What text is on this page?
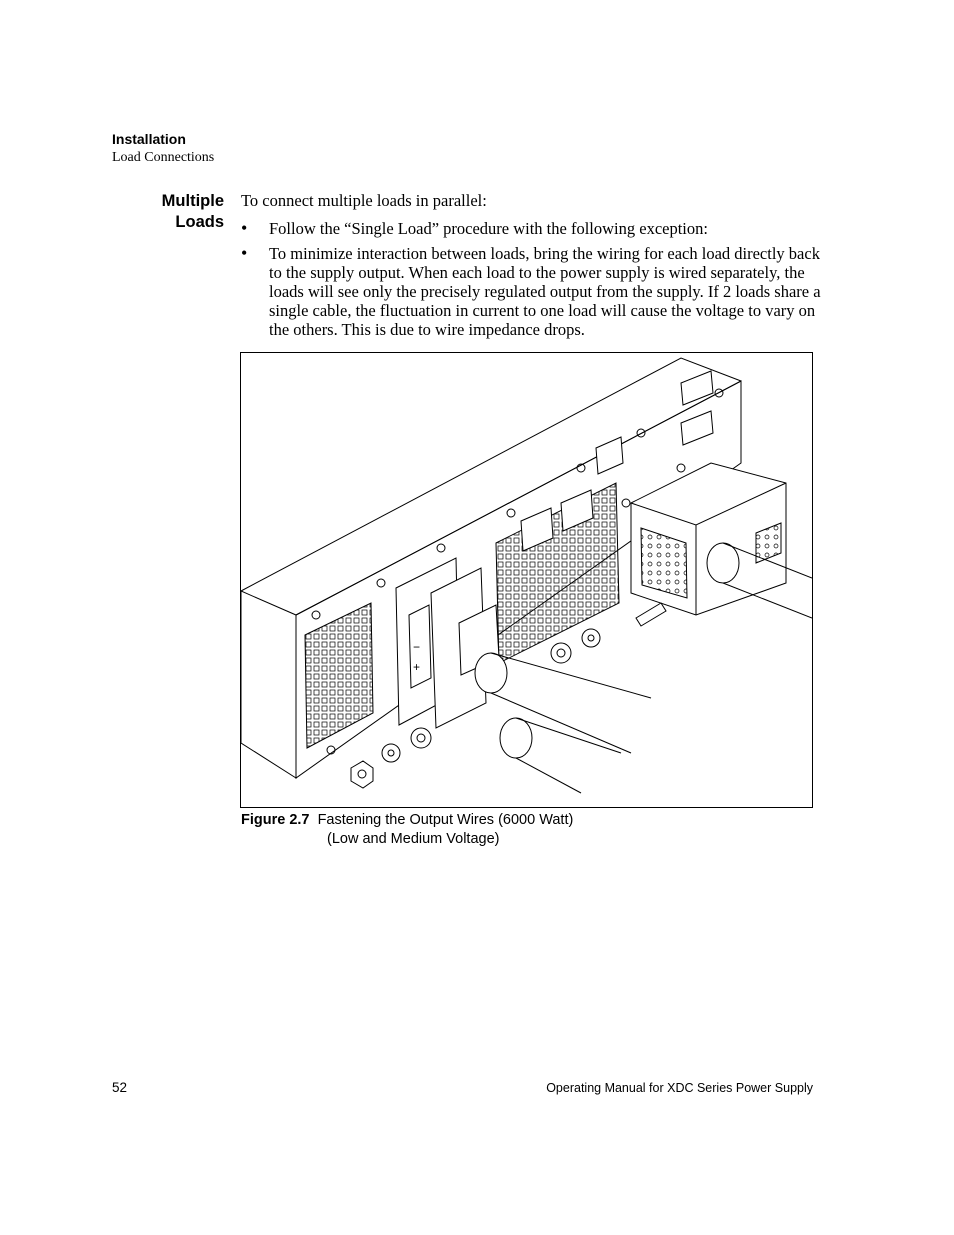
Installation
Load Connections
Multiple
Loads
To connect multiple loads in parallel:
• Follow the “Single Load” procedure with the following exception:
• To minimize interaction between loads, bring the wiring for each load directly back to the supply output. When each load to the power supply is wired separately, the loads will see only the precisely regulated output from the supply. If 2 loads share a single cable, the fluctuation in current to one load will cause the voltage to vary on the others. This is due to wire impedance drops.
−
+
Figure 2.7 Fastening the Output Wires (6000 Watt)
(Low and Medium Voltage)
52	Operating Manual for XDC Series Power Supply
